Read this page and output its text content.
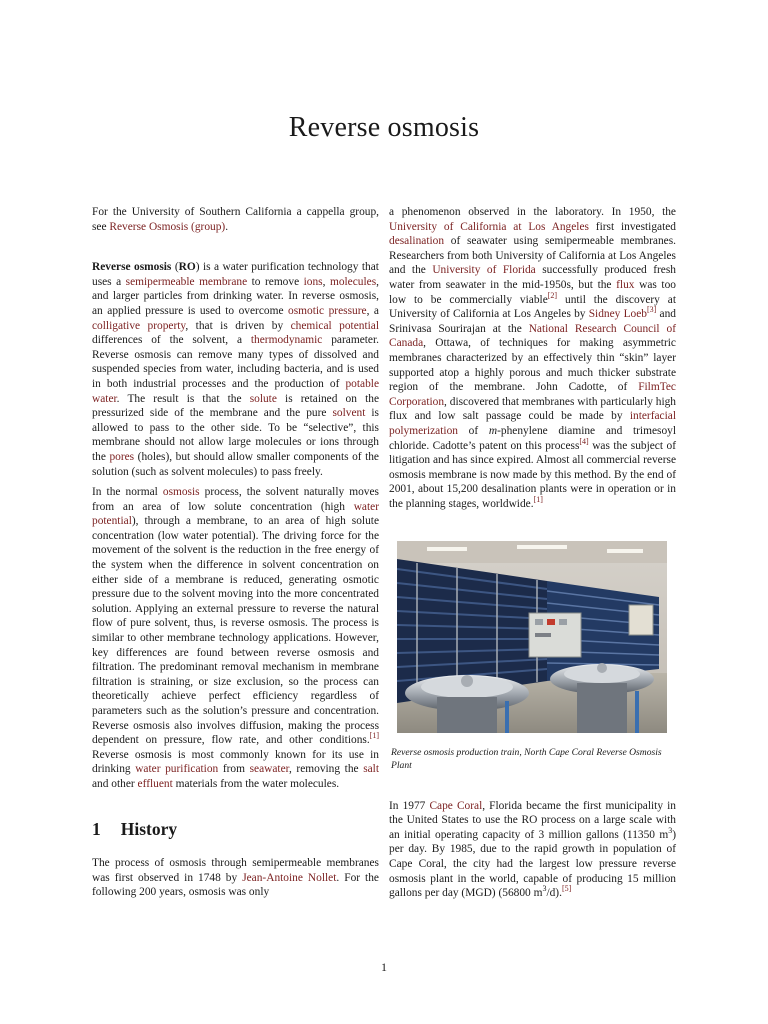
Reverse osmosis

For the University of Southern California a cappella group, see Reverse Osmosis (group).

Reverse osmosis (RO) is a water purification technology that uses a semipermeable membrane to remove ions, molecules, and larger particles from drinking water. In reverse osmosis, an applied pressure is used to overcome osmotic pressure, a colligative property, that is driven by chemical potential differences of the solvent, a thermodynamic parameter. Reverse osmosis can remove many types of dissolved and suspended species from water, including bacteria, and is used in both industrial processes and the production of potable water. The result is that the solute is retained on the pressurized side of the membrane and the pure solvent is allowed to pass to the other side. To be “selective”, this membrane should not allow large molecules or ions through the pores (holes), but should allow smaller components of the solution (such as solvent molecules) to pass freely.

In the normal osmosis process, the solvent naturally moves from an area of low solute concentration (high water potential), through a membrane, to an area of high solute concentration (low water potential). The driving force for the movement of the solvent is the reduction in the free energy of the system when the difference in solvent concentration on either side of a membrane is reduced, generating osmotic pressure due to the solvent moving into the more concentrated solution. Applying an external pressure to reverse the natural flow of pure solvent, thus, is reverse osmosis. The process is similar to other membrane technology applications. However, key differences are found between reverse osmosis and filtration. The predominant removal mechanism in membrane filtration is straining, or size exclusion, so the process can theoretically achieve perfect efficiency regardless of parameters such as the solution’s pressure and concentration. Reverse osmosis also involves diffusion, making the process dependent on pressure, flow rate, and other conditions.[1] Reverse osmosis is most commonly known for its use in drinking water purification from seawater, removing the salt and other effluent materials from the water molecules.

1 History

The process of osmosis through semipermeable membranes was first observed in 1748 by Jean-Antoine Nollet. For the following 200 years, osmosis was only

a phenomenon observed in the laboratory. In 1950, the University of California at Los Angeles first investigated desalination of seawater using semipermeable membranes. Researchers from both University of California at Los Angeles and the University of Florida successfully produced fresh water from seawater in the mid-1950s, but the flux was too low to be commercially viable[2] until the discovery at University of California at Los Angeles by Sidney Loeb[3] and Srinivasa Sourirajan at the National Research Council of Canada, Ottawa, of techniques for making asymmetric membranes characterized by an effectively thin “skin” layer supported atop a highly porous and much thicker substrate region of the membrane. John Cadotte, of FilmTec Corporation, discovered that membranes with particularly high flux and low salt passage could be made by interfacial polymerization of m-phenylene diamine and trimesoyl chloride. Cadotte’s patent on this process[4] was the subject of litigation and has since expired. Almost all commercial reverse osmosis membrane is now made by this method. By the end of 2001, about 15,200 desalination plants were in operation or in the planning stages, worldwide.[1]

Reverse osmosis production train, North Cape Coral Reverse Osmosis Plant

In 1977 Cape Coral, Florida became the first municipality in the United States to use the RO process on a large scale with an initial operating capacity of 3 million gallons (11350 $m^3$) per day. By 1985, due to the rapid growth in population of Cape Coral, the city had the largest low pressure reverse osmosis plant in the world, capable of producing 15 million gallons per day (MGD) (56800 $m^3/d).[5]$

1
